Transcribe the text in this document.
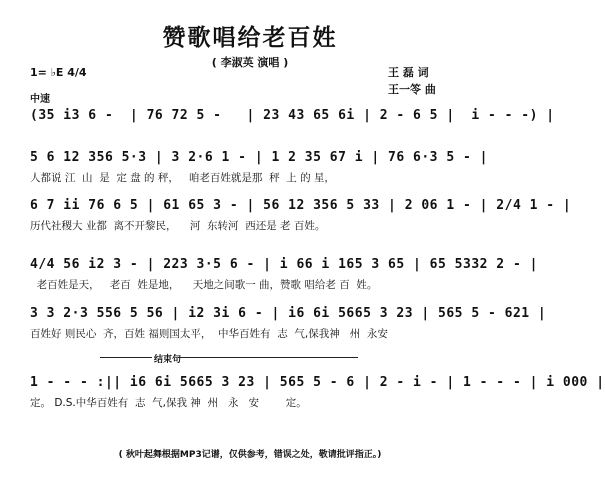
赞歌唱给老百姓
( 李淑英 演唱 )
王 磊 词
王一笭 曲
1= ♭E 4/4
中速
(35 i3 6 -  | 76 72 5 -   | 23 43 65 6i | 2 - 6 5 |  i - - -) |
5 6 12 356 5·3 | 3 2·6 1 - | 1 2 35 67 i | 76 6·3 5 - |
人都说 江  山  是  定 盘 的 秤，   咱老百姓就是那  秤  上 的 星，
6 7 ii 76 6 5 | 61 65 3 - | 56 12 356 5 33 | 2 06 1 - | 2/4 1 - |
历代社稷大 业都  离不开黎民，    河  东转河  西还是 老 百姓。
4/4 56 i2 3 - | 223 3·5 6 - | i 66 i 165 3 65 | 65 5332 2 - |
老百姓是天，   老百  姓是地，    天地之间歌一 曲，赞歌 唱给老 百  姓。
3 3 2·3 556 5 56 | i2 3i 6 - | i6 6i 5665 3 23 | 565 5 - 621 |
百姓好 则民心  齐，百姓 福则国太平，  中华百姓有  志  气,保我神   州  永安
结束句
1 - - - :|| i6 6i 5665 3 23 | 565 5 - 6 | 2 - i - | 1 - - - | i 000 |
定。 D.S.中华百姓有  志  气,保我 神  州   永   安        定。
( 秋叶起舞根据MP3记谱，仅供参考，错误之处，敬请批评指正。)
